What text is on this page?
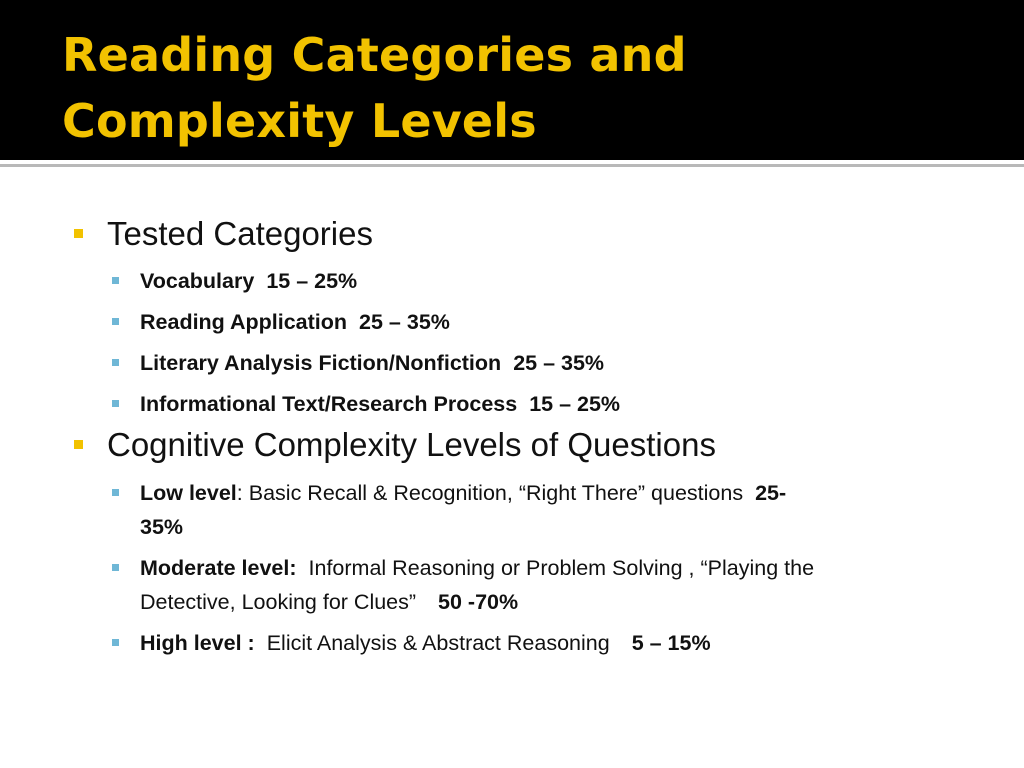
Reading Categories and Complexity Levels
Tested Categories
Vocabulary 15 – 25%
Reading Application 25 – 35%
Literary Analysis Fiction/Nonfiction 25 – 35%
Informational Text/Research Process 15 – 25%
Cognitive Complexity Levels of Questions
Low level: Basic Recall & Recognition, “Right There” questions 25-
35%
Moderate level: Informal Reasoning or Problem Solving , “Playing the
Detective, Looking for Clues” 50 -70%
High level : Elicit Analysis & Abstract Reasoning 5 – 15%
